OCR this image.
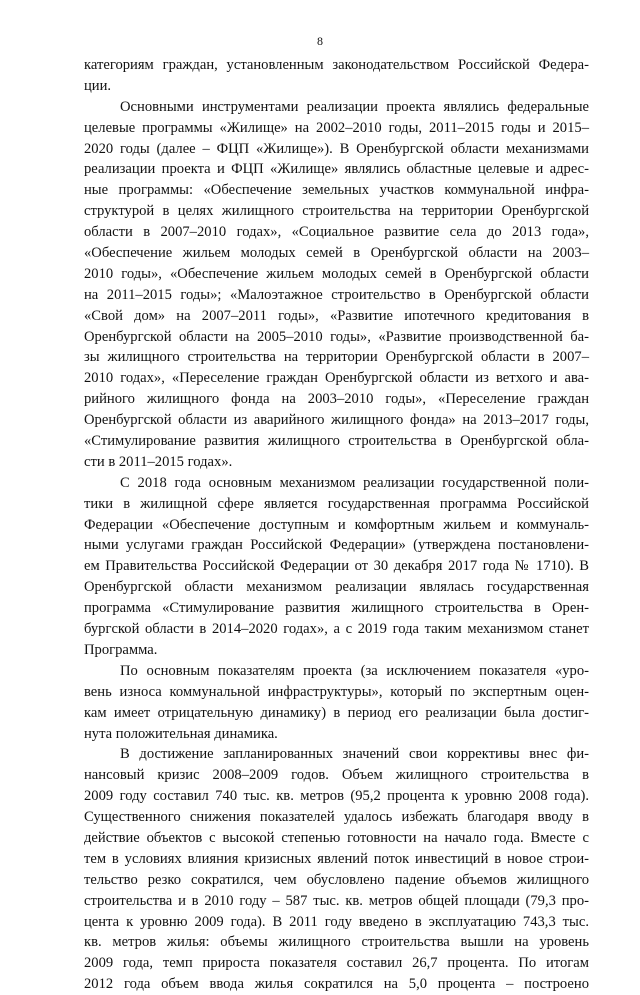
8
категориям граждан, установленным законодательством Российской Федера-
ции.
Основными инструментами реализации проекта являлись федеральные
целевые программы «Жилище» на 2002–2010 годы, 2011–2015 годы и 2015–
2020 годы (далее – ФЦП «Жилище»). В Оренбургской области механизмами
реализации проекта и ФЦП «Жилище» являлись областные целевые и адрес-
ные программы: «Обеспечение земельных участков коммунальной инфра-
структурой в целях жилищного строительства на территории Оренбургской
области в 2007–2010 годах», «Социальное развитие села до 2013 года»,
«Обеспечение жильем молодых семей в Оренбургской области на 2003–
2010 годы», «Обеспечение жильем молодых семей в Оренбургской области
на 2011–2015 годы»; «Малоэтажное строительство в Оренбургской области
«Свой дом» на 2007–2011 годы», «Развитие ипотечного кредитования в
Оренбургской области на 2005–2010 годы», «Развитие производственной ба-
зы жилищного строительства на территории Оренбургской области в 2007–
2010 годах», «Переселение граждан Оренбургской области из ветхого и ава-
рийного жилищного фонда на 2003–2010 годы», «Переселение граждан
Оренбургской области из аварийного жилищного фонда» на 2013–2017 годы,
«Стимулирование развития жилищного строительства в Оренбургской обла-
сти в 2011–2015 годах».
С 2018 года основным механизмом реализации государственной поли-
тики в жилищной сфере является государственная программа Российской
Федерации «Обеспечение доступным и комфортным жильем и коммуналь-
ными услугами граждан Российской Федерации» (утверждена постановлени-
ем Правительства Российской Федерации от 30 декабря 2017 года № 1710). В
Оренбургской области механизмом реализации являлась государственная
программа «Стимулирование развития жилищного строительства в Орен-
бургской области в 2014–2020 годах», а с 2019 года таким механизмом станет
Программа.
По основным показателям проекта (за исключением показателя «уро-
вень износа коммунальной инфраструктуры», который по экспертным оцен-
кам имеет отрицательную динамику) в период его реализации была достиг-
нута положительная динамика.
В достижение запланированных значений свои коррективы внес фи-
нансовый кризис 2008–2009 годов. Объем жилищного строительства в
2009 году составил 740 тыс. кв. метров (95,2 процента к уровню 2008 года).
Существенного снижения показателей удалось избежать благодаря вводу в
действие объектов с высокой степенью готовности на начало года. Вместе с
тем в условиях влияния кризисных явлений поток инвестиций в новое строи-
тельство резко сократился, чем обусловлено падение объемов жилищного
строительства и в 2010 году – 587 тыс. кв. метров общей площади (79,3 про-
цента к уровню 2009 года). В 2011 году введено в эксплуатацию 743,3 тыс.
кв. метров жилья: объемы жилищного строительства вышли на уровень
2009 года, темп прироста показателя составил 26,7 процента. По итогам
2012 года объем ввода жилья сократился на 5,0 процента – построено
